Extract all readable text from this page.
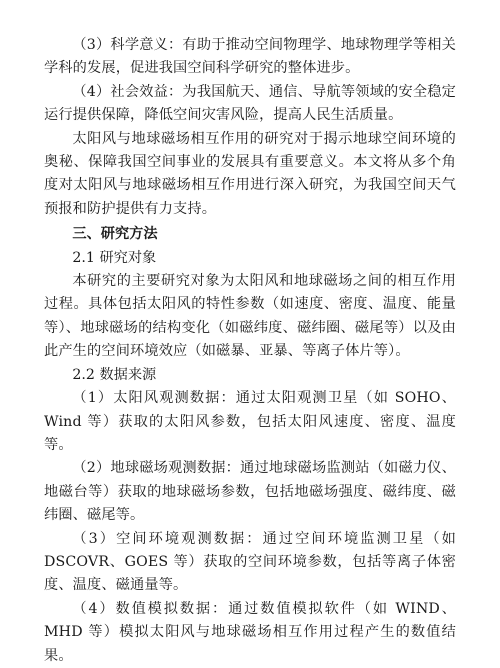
（3）科学意义：有助于推动空间物理学、地球物理学等相关学科的发展，促进我国空间科学研究的整体进步。

（4）社会效益：为我国航天、通信、导航等领域的安全稳定运行提供保障，降低空间灾害风险，提高人民生活质量。

太阳风与地球磁场相互作用的研究对于揭示地球空间环境的奥秘、保障我国空间事业的发展具有重要意义。本文将从多个角度对太阳风与地球磁场相互作用进行深入研究，为我国空间天气预报和防护提供有力支持。

三、研究方法

2.1 研究对象

本研究的主要研究对象为太阳风和地球磁场之间的相互作用过程。具体包括太阳风的特性参数（如速度、密度、温度、能量等）、地球磁场的结构变化（如磁纬度、磁纬圈、磁尾等）以及由此产生的空间环境效应（如磁暴、亚暴、等离子体片等）。

2.2 数据来源

（1）太阳风观测数据：通过太阳观测卫星（如 SOHO、Wind 等）获取的太阳风参数，包括太阳风速度、密度、温度等。

（2）地球磁场观测数据：通过地球磁场监测站（如磁力仪、地磁台等）获取的地球磁场参数，包括地磁场强度、磁纬度、磁纬圈、磁尾等。

（3）空间环境观测数据：通过空间环境监测卫星（如 DSCOVR、GOES 等）获取的空间环境参数，包括等离子体密度、温度、磁通量等。

（4）数值模拟数据：通过数值模拟软件（如 WIND、MHD 等）模拟太阳风与地球磁场相互作用过程产生的数值结果。
